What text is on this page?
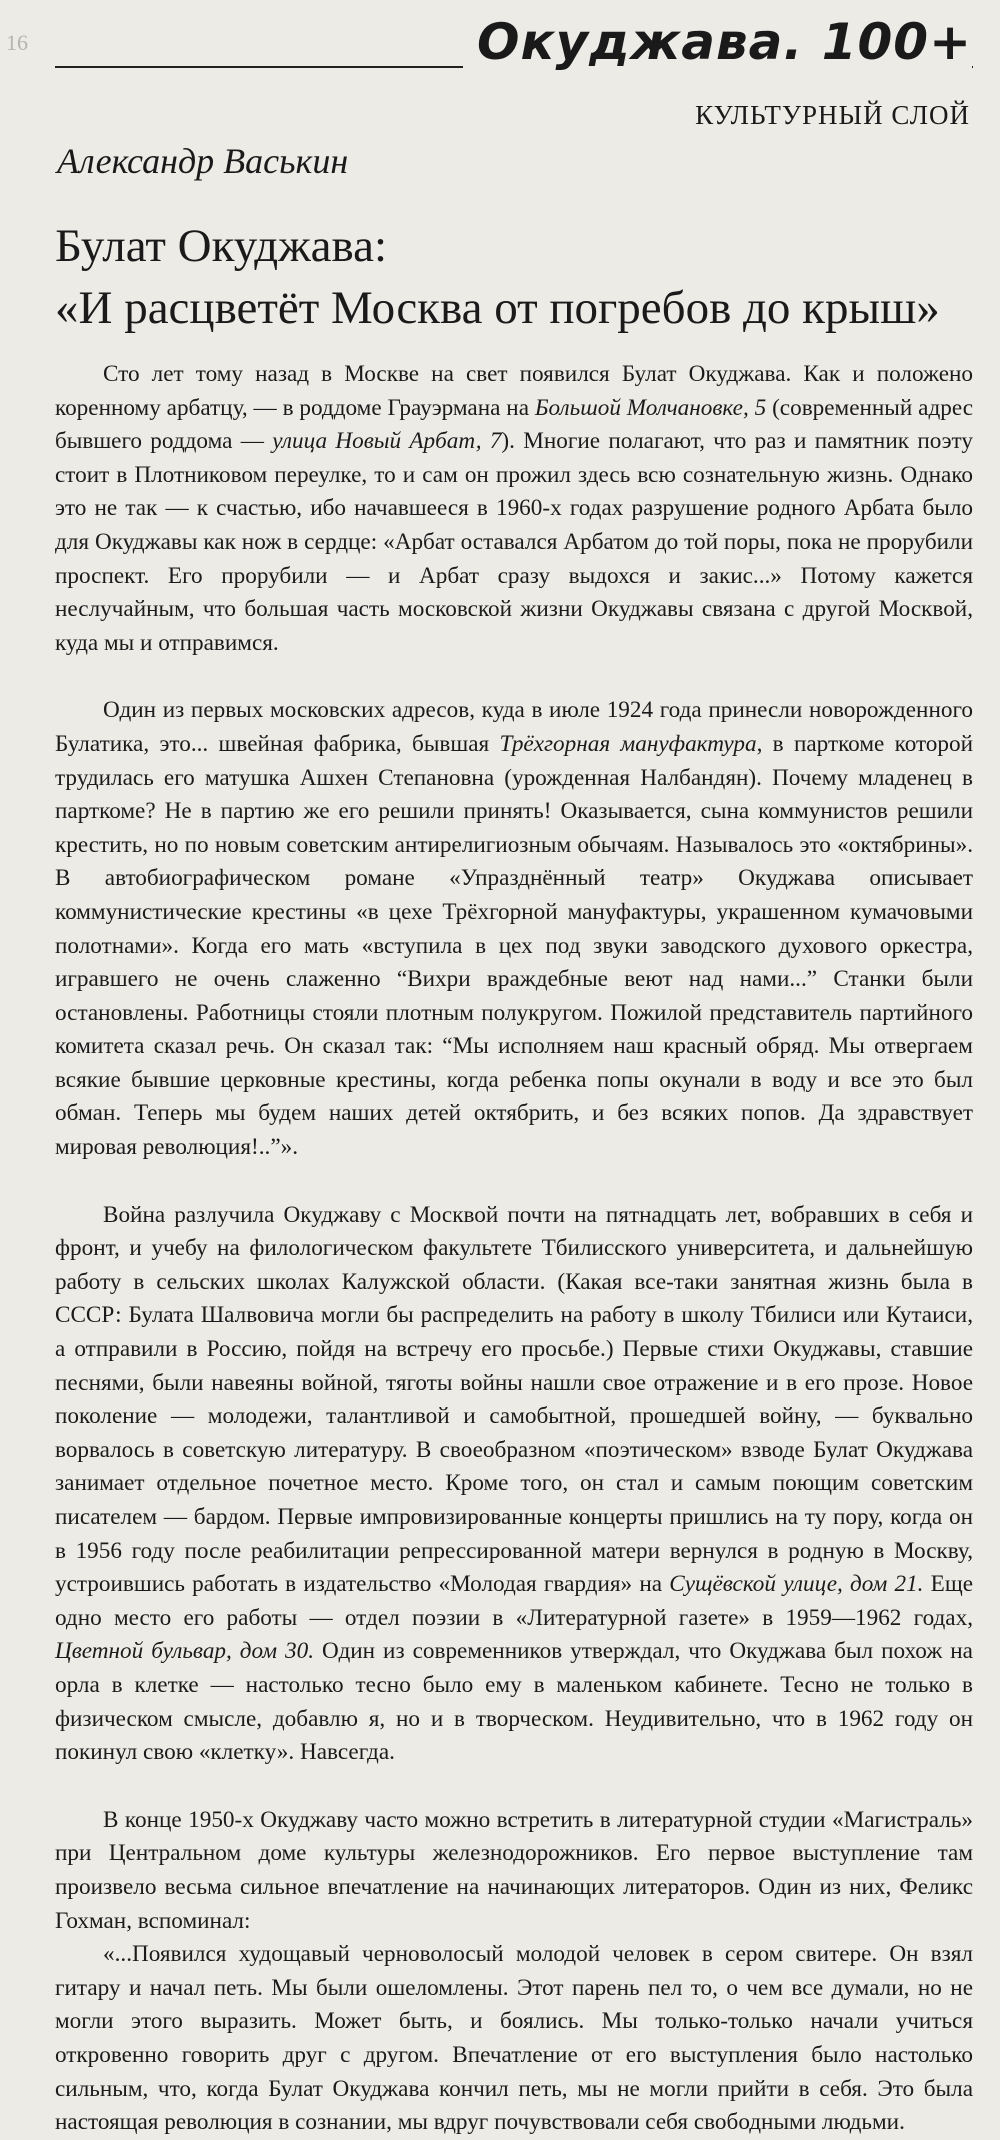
16	Окуджава. 100+
КУЛЬТУРНЫЙ СЛОЙ
Александр Васькин
Булат Окуджава:
«И расцветёт Москва от погребов до крыш»

Сто лет тому назад в Москве на свет появился Булат Окуджава. Как и положено коренному арбатцу, — в роддоме Грауэрмана на Большой Молчановке, 5 (современный адрес бывшего роддома — улица Новый Арбат, 7). Многие полагают, что раз и памятник поэту стоит в Плотниковом переулке, то и сам он прожил здесь всю сознательную жизнь. Однако это не так — к счастью, ибо начавшееся в 1960-х годах разрушение родного Арбата было для Окуджавы как нож в сердце: «Арбат оставался Арбатом до той поры, пока не прорубили проспект. Его прорубили — и Арбат сразу выдохся и закис...» Потому кажется неслучайным, что большая часть московской жизни Окуджавы связана с другой Москвой, куда мы и отправимся.

Один из первых московских адресов, куда в июле 1924 года принесли новорожденного Булатика, это... швейная фабрика, бывшая Трёхгорная мануфактура, в парткоме которой трудилась его матушка Ашхен Степановна (урожденная Налбандян). Почему младенец в парткоме? Не в партию же его решили принять! Оказывается, сына коммунистов решили крестить, но по новым советским антирелигиозным обычаям. Называлось это «октябрины». В автобиографическом романе «Упразднённый театр» Окуджава описывает коммунистические крестины «в цехе Трёхгорной мануфактуры, украшенном кумачовыми полотнами». Когда его мать «вступила в цех под звуки заводского духового оркестра, игравшего не очень слаженно “Вихри враждебные веют над нами...” Станки были остановлены. Работницы стояли плотным полукругом. Пожилой представитель партийного комитета сказал речь. Он сказал так: “Мы исполняем наш красный обряд. Мы отвергаем всякие бывшие церковные крестины, когда ребенка попы окунали в воду и все это был обман. Теперь мы будем наших детей октябрить, и без всяких попов. Да здравствует мировая революция!..”».

Война разлучила Окуджаву с Москвой почти на пятнадцать лет, вобравших в себя и фронт, и учебу на филологическом факультете Тбилисского университета, и дальнейшую работу в сельских школах Калужской области. (Какая все-таки занятная жизнь была в СССР: Булата Шалвовича могли бы распределить на работу в школу Тбилиси или Кутаиси, а отправили в Россию, пойдя на встречу его просьбе.) Первые стихи Окуджавы, ставшие песнями, были навеяны войной, тяготы войны нашли свое отражение и в его прозе. Новое поколение — молодежи, талантливой и самобытной, прошедшей войну, — буквально ворвалось в советскую литературу. В своеобразном «поэтическом» взводе Булат Окуджава занимает отдельное почетное место. Кроме того, он стал и самым поющим советским писателем — бардом. Первые импровизированные концерты пришлись на ту пору, когда он в 1956 году после реабилитации репрессированной матери вернулся в родную в Москву, устроившись работать в издательство «Молодая гвардия» на Сущёвской улице, дом 21. Еще одно место его работы — отдел поэзии в «Литературной газете» в 1959—1962 годах, Цветной бульвар, дом 30. Один из современников утверждал, что Окуджава был похож на орла в клетке — настолько тесно было ему в маленьком кабинете. Тесно не только в физическом смысле, добавлю я, но и в творческом. Неудивительно, что в 1962 году он покинул свою «клетку». Навсегда.

В конце 1950-х Окуджаву часто можно встретить в литературной студии «Магистраль» при Центральном доме культуры железнодорожников. Его первое выступление там произвело весьма сильное впечатление на начинающих литераторов. Один из них, Феликс Гохман, вспоминал:

«...Появился худощавый черноволосый молодой человек в сером свитере. Он взял гитару и начал петь. Мы были ошеломлены. Этот парень пел то, о чем все думали, но не могли этого выразить. Может быть, и боялись. Мы только-только начали учиться откровенно говорить друг с другом. Впечатление от его выступления было настолько сильным, что, когда Булат Окуджава кончил петь, мы не могли прийти в себя. Это была настоящая революция в сознании, мы вдруг почувствовали себя свободными людьми.
